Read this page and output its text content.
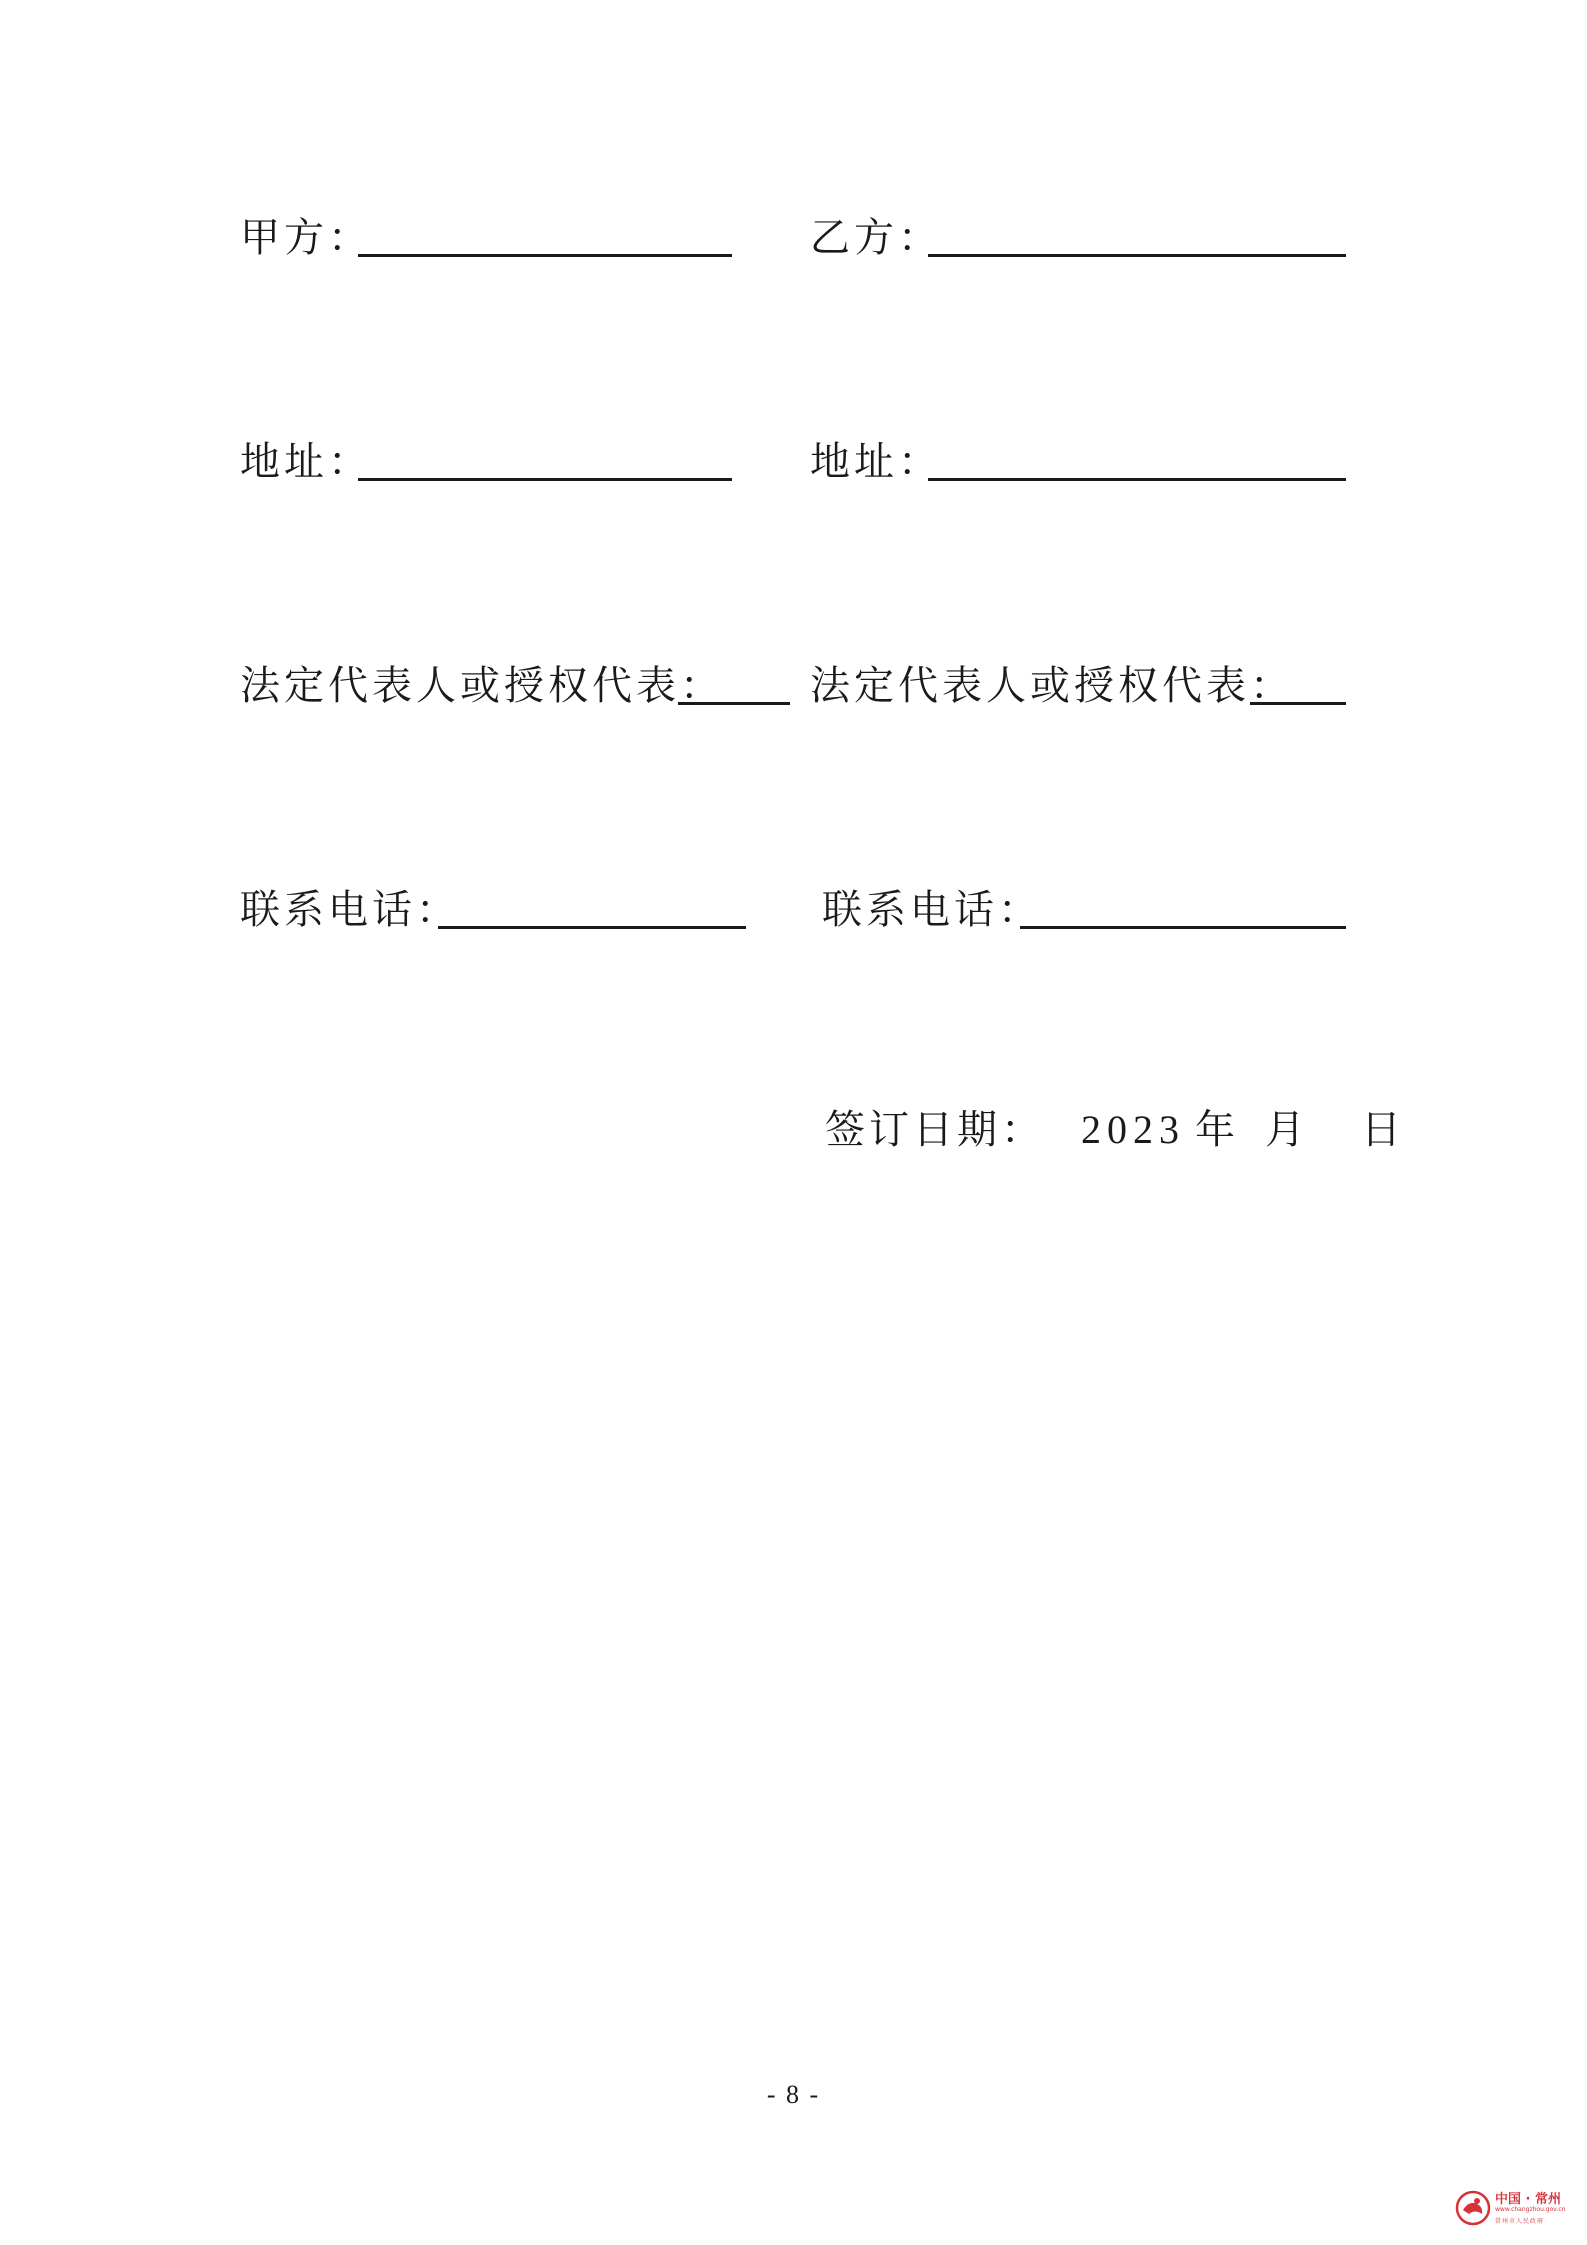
甲方：	乙方：
地址：	地址：
法定代表人或授权代表： 法定代表人或授权代表：
联系电话：	联系电话：
签订日期： 2023 年 月 日
- 8 -
中国 · 常州
www.changzhou.gov.cn
常州市人民政府
